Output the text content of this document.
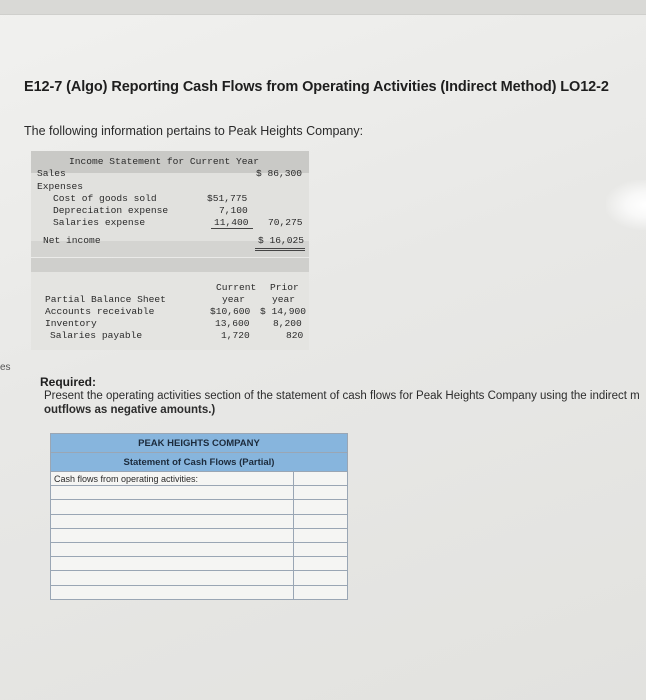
es
E12-7 (Algo) Reporting Cash Flows from Operating Activities (Indirect Method) LO12-2
The following information pertains to Peak Heights Company:
Income Statement for Current Year
Sales	$ 86,300
Expenses
Cost of goods sold	$51,775
Depreciation expense	7,100
Salaries expense	11,400 70,275
Net income	$ 16,025
Current Prior
year	year
Partial Balance Sheet
Accounts receivable	$10,600 $ 14,900
Inventory	13,600 8,200
Salaries payable	1,720	820
Required:
Present the operating activities section of the statement of cash flows for Peak Heights Company using the indirect m
outflows as negative amounts.)
PEAK HEIGHTS COMPANY	
Statement of Cash Flows (Partial)	
Cash flows from operating activities:	
